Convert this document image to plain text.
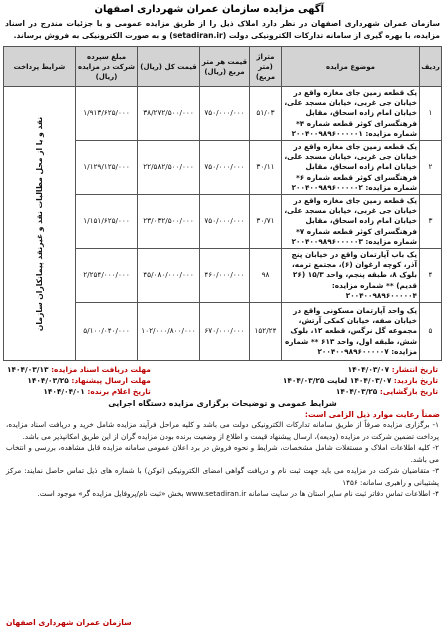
آگهی مزایده سازمان عمران شهرداری اصفهان
سازمان عمران شهرداری اصفهان در نظر دارد املاک ذیل را از طریق مزایده عمومی و با جزئیات مندرج در اسناد مزایده، با بهره گیری از سامانه تدارکات الکترونیکی دولت (setadiran.ir) و به صورت الکترونیکی به فروش برساند.
ردیف	موضوع مزایده	متراژ (متر مربع)	قیمت هر متر مربع (ریال)	قیمت کل (ریال)	مبلغ سپرده شرکت در مزایده (ریال)	شرایط پرداخت
۱	یک قطعه زمین جای مغازه واقع در خیابان جی غربی، خیابان مسجد علی، خیابان امام زاده اسحاق، مقابل فرهنگسرای کوثر قطعه شماره ۴* شماره مزایده: ۲۰۰۴۰۰۹۸۹۶۰۰۰۰۰۱	۵۱/۰۳	۷۵۰/۰۰۰/۰۰۰	۳۸/۲۷۲/۵۰۰/۰۰۰	۱/۹۱۳/۶۲۵/۰۰۰	نقد و یا از محل مطالبات نقد و غیرنقد پیمانکاران سازمان
۲	یک قطعه زمین جای مغازه واقع در خیابان جی غربی، خیابان مسجد علی، خیابان امام زاده اسحاق، مقابل فرهنگسرای کوثر قطعه شماره ۶* شماره مزایده: ۲۰۰۴۰۰۹۸۹۶۰۰۰۰۰۲	۳۰/۱۱	۷۵۰/۰۰۰/۰۰۰	۲۲/۵۸۲/۵۰۰/۰۰۰	۱/۱۲۹/۱۲۵/۰۰۰	
۳	یک قطعه زمین جای مغازه واقع در خیابان جی غربی، خیابان مسجد علی، خیابان امام زاده اسحاق، مقابل فرهنگسرای کوثر قطعه شماره ۷* شماره مزایده: ۲۰۰۴۰۰۹۸۹۶۰۰۰۰۰۳	۳۰/۷۱	۷۵۰/۰۰۰/۰۰۰	۲۳/۰۳۲/۵۰۰/۰۰۰	۱/۱۵۱/۶۲۵/۰۰۰	
۴	یک باب آپارتمان واقع در خیابان پنج آذر، کوچه ارغوان (۶)، مجتمع ترمه، بلوک ۸، طبقه پنجم، واحد ۱۵/۳ (۲۶ قدیم) ** شماره مزایده: ۲۰۰۴۰۰۹۸۹۶۰۰۰۰۰۴	۹۸	۴۶۰/۰۰۰/۰۰۰	۴۵/۰۸۰/۰۰۰/۰۰۰	۲/۲۵۴/۰۰۰/۰۰۰	
۵	یک واحد آپارتمان مسکونی واقع در خیابان صفه، خیابان کمکی آرتش، مجموعه گل نرگس، قطعه ۱۲، بلوک شش، طبقه اول، واحد ۶۱۳ ** شماره مزایده: ۲۰۰۴۰۰۹۸۹۶۰۰۰۰۰۷	۱۵۲/۲۴	۶۷۰/۰۰۰/۰۰۰	۱۰۲/۰۰۰/۸۰۰/۰۰۰	۵/۱۰۰/۰۴۰/۰۰۰	
تاریخ انتشار: ۱۴۰۴/۰۳/۰۷
تاریخ بازدید: ۱۴۰۴/۰۳/۰۷ لغایت ۱۴۰۴/۰۳/۲۵
تاریخ بازگشایی: ۱۴۰۴/۰۳/۲۵
مهلت دریافت اسناد مزایده: ۱۴۰۴/۰۳/۱۳
مهلت ارسال پیشنهاد: ۱۴۰۴/۰۳/۲۵
تاریخ اعلام برنده: ۱۴۰۴/۰۴/۰۱
شرایط عمومی و توضیحات برگزاری مزایده دستگاه اجرایی
ضمناً رعایت موارد ذیل الزامی است:

۱- برگزاری مزایده صرفاً از طریق سامانه تدارکات الکترونیکی دولت می باشد و کلیه مراحل فرآیند مزایده شامل خرید و دریافت اسناد مزایده، پرداخت تضمین شرکت در مزایده (ودیعه)، ارسال پیشنهاد قیمت و اطلاع از وضعیت برنده بودن مزایده گران از این طریق امکانپذیر می باشد.

۲- کلیه اطلاعات املاک و مستغلات شامل مشخصات، شرایط و نحوه فروش در برد اعلان عمومی سامانه مزایده قابل مشاهده، بررسی و انتخاب می باشد.

۳- متقاضیان شرکت در مزایده می باید جهت ثبت نام و دریافت گواهی امضای الکترونیکی (توکن) با شماره های ذیل تماس حاصل نمایند: مرکز پشتیبانی و راهبری سامانه: ۱۴۵۶

۴- اطلاعات تماس دفاتر ثبت نام سایر استان ها در سایت سامانه www.setadiran.ir بخش «ثبت نام/پروفایل مزایده گر» موجود است.

سازمان عمران شهرداری اصفهان
